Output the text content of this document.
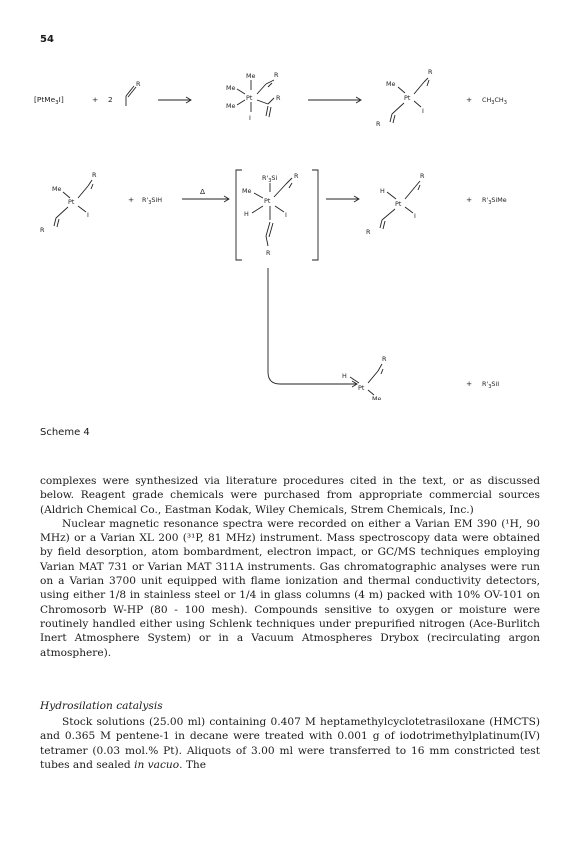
54
[PtMe$_3$I]	+ 2
R
Me
Me
Pt
Me
I
R
R
Me
Pt
R
I
R
+ $CH_3CH_3$
Me
Pt
R
I
R
+ $R'_3SiH$
Δ
$R'_3Si$
Me
Pt
R
H	I
R
H
Pt
R
I
R
+ $R'_3SiMe$
H
Pt
R
Me
+ $R'_3SiI$
Scheme 4

complexes were synthesized via literature procedures cited in the text, or as discussed below. Reagent grade chemicals were purchased from appropriate commercial sources (Aldrich Chemical Co., Eastman Kodak, Wiley Chemicals, Strem Chemicals, Inc.)

Nuclear magnetic resonance spectra were recorded on either a Varian EM 390 (¹H, 90 MHz) or a Varian XL 200 (³¹P, 81 MHz) instrument. Mass spectroscopy data were obtained by field desorption, atom bombardment, electron impact, or GC/MS techniques employing Varian MAT 731 or Varian MAT 311A instruments. Gas chromatographic analyses were run on a Varian 3700 unit equipped with flame ionization and thermal conductivity detectors, using either 1/8 in stainless steel or 1/4 in glass columns (4 m) packed with 10% OV-101 on Chromosorb W-HP (80 - 100 mesh). Compounds sensitive to oxygen or moisture were routinely handled either using Schlenk techniques under prepurified nitrogen (Ace-Burlitch Inert Atmosphere System) or in a Vacuum Atmospheres Drybox (recirculating argon atmosphere).

Hydrosilation catalysis

Stock solutions (25.00 ml) containing 0.407 M heptamethylcyclotetrasiloxane (HMCTS) and 0.365 M pentene-1 in decane were treated with 0.001 g of iodotrimethylplatinum(IV) tetramer (0.03 mol.% Pt). Aliquots of 3.00 ml were transferred to 16 mm constricted test tubes and sealed in vacuo. The
